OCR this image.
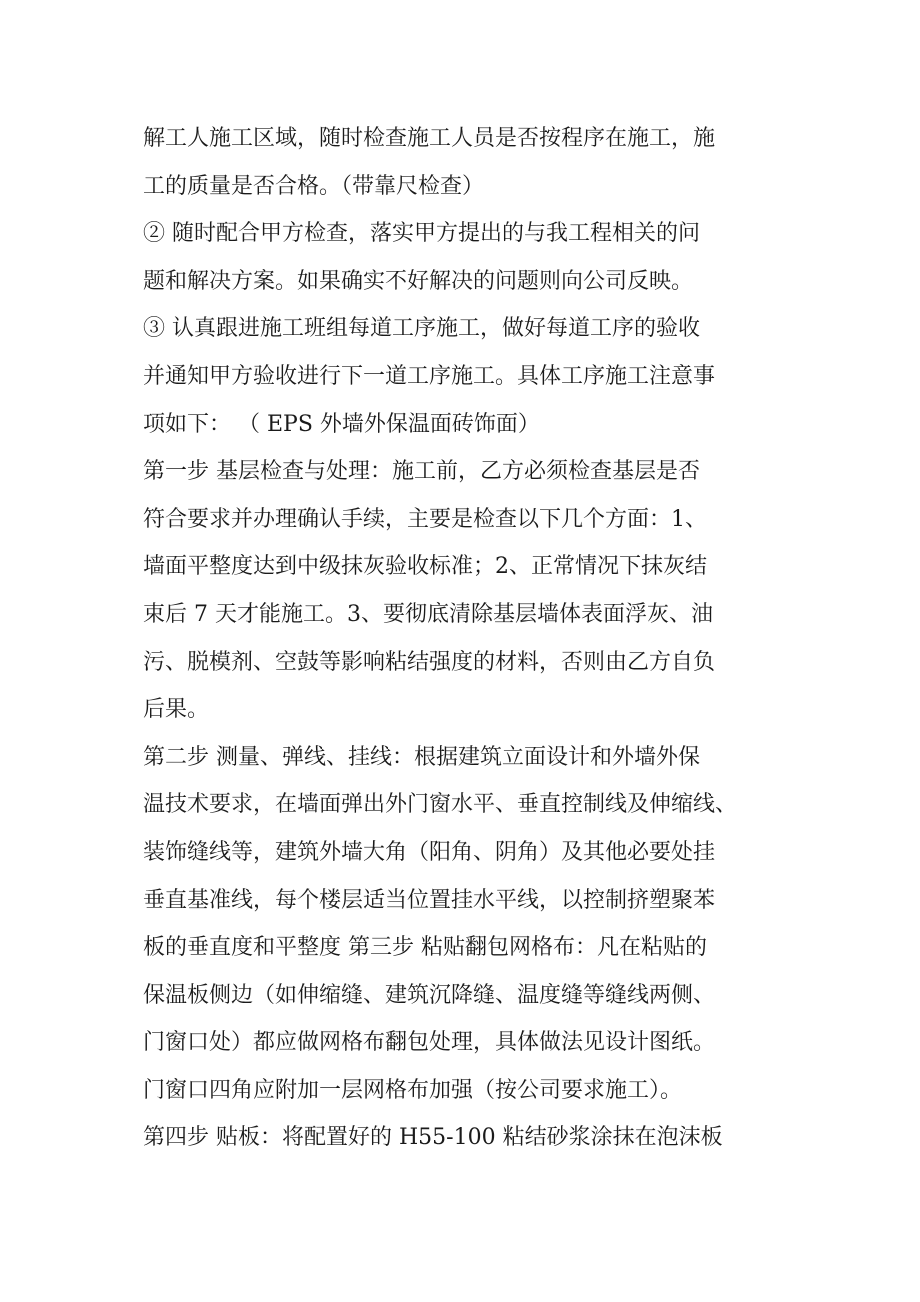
解工人施工区域，随时检查施工人员是否按程序在施工，施
工的质量是否合格。（带靠尺检查）
② 随时配合甲方检查，落实甲方提出的与我工程相关的问
题和解决方案。如果确实不好解决的问题则向公司反映。
③ 认真跟进施工班组每道工序施工，做好每道工序的验收
并通知甲方验收进行下一道工序施工。具体工序施工注意事
项如下： （ EPS 外墙外保温面砖饰面）
第一步 基层检查与处理：施工前，乙方必须检查基层是否
符合要求并办理确认手续，主要是检查以下几个方面：1、
墙面平整度达到中级抹灰验收标准；2、正常情况下抹灰结
束后 7 天才能施工。3、要彻底清除基层墙体表面浮灰、油
污、脱模剂、空鼓等影响粘结强度的材料，否则由乙方自负
后果。
第二步 测量、弹线、挂线：根据建筑立面设计和外墙外保
温技术要求，在墙面弹出外门窗水平、垂直控制线及伸缩线、
装饰缝线等，建筑外墙大角（阳角、阴角）及其他必要处挂
垂直基准线，每个楼层适当位置挂水平线，以控制挤塑聚苯
板的垂直度和平整度 第三步 粘贴翻包网格布：凡在粘贴的
保温板侧边（如伸缩缝、建筑沉降缝、温度缝等缝线两侧、
门窗口处）都应做网格布翻包处理，具体做法见设计图纸。
门窗口四角应附加一层网格布加强（按公司要求施工）。
第四步 贴板：将配置好的 H55-100 粘结砂浆涂抹在泡沫板
